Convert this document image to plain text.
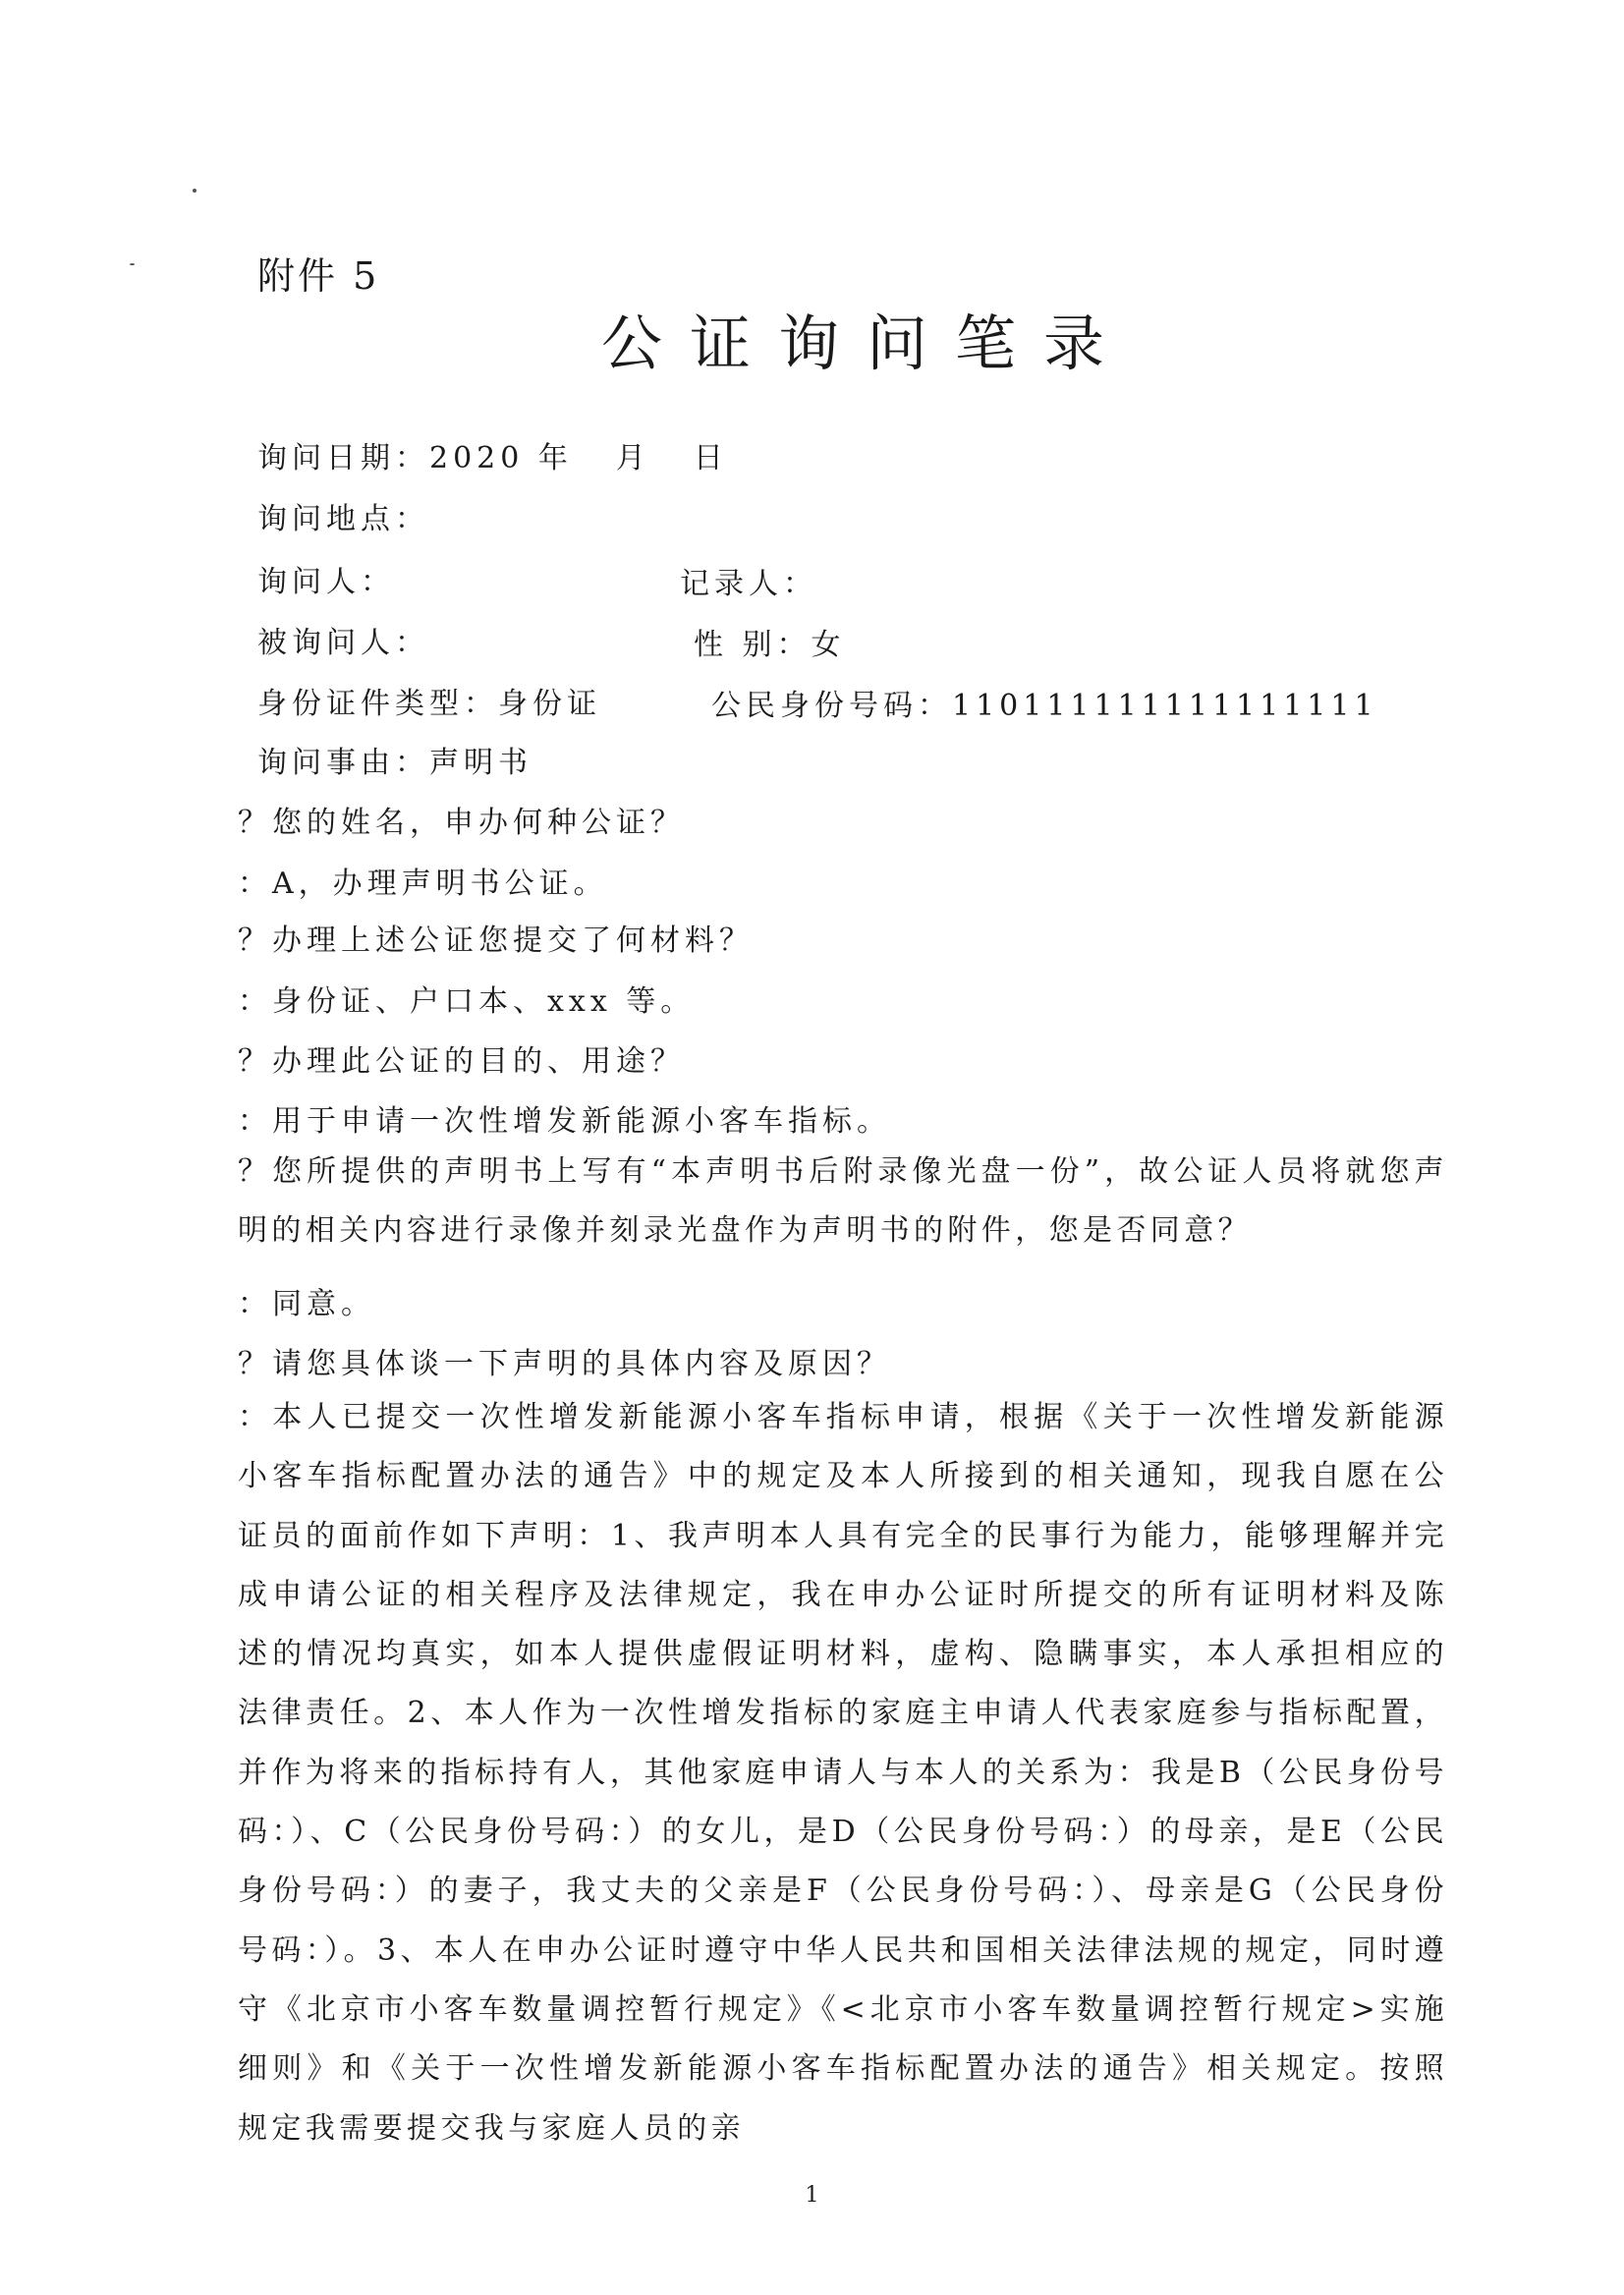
附件 5
公证询问笔录
询问日期：2020 年 月 日
询问地点：
询问人：	记录人：
被询问人：	性 别：女
身份证件类型：身份证	公民身份号码：110111111111111111
询问事由：声明书
？您的姓名，申办何种公证？
：A，办理声明书公证。
？办理上述公证您提交了何材料？
：身份证、户口本、xxx 等。
？办理此公证的目的、用途？
：用于申请一次性增发新能源小客车指标。
？您所提供的声明书上写有“本声明书后附录像光盘一份”，故公证人员将就您声明的相关内容进行录像并刻录光盘作为声明书的附件，您是否同意？
：同意。
？请您具体谈一下声明的具体内容及原因？
：本人已提交一次性增发新能源小客车指标申请，根据《关于一次性增发新能源小客车指标配置办法的通告》中的规定及本人所接到的相关通知，现我自愿在公证员的面前作如下声明：1、我声明本人具有完全的民事行为能力，能够理解并完成申请公证的相关程序及法律规定，我在申办公证时所提交的所有证明材料及陈述的情况均真实，如本人提供虚假证明材料，虚构、隐瞒事实，本人承担相应的法律责任。2、本人作为一次性增发指标的家庭主申请人代表家庭参与指标配置，并作为将来的指标持有人，其他家庭申请人与本人的关系为：我是B（公民身份号码：）、C（公民身份号码：）的女儿，是D（公民身份号码：）的母亲，是E（公民身份号码：）的妻子，我丈夫的父亲是F（公民身份号码：）、母亲是G（公民身份号码：）。3、本人在申办公证时遵守中华人民共和国相关法律法规的规定，同时遵守《北京市小客车数量调控暂行规定》《<北京市小客车数量调控暂行规定>实施细则》和《关于一次性增发新能源小客车指标配置办法的通告》相关规定。按照规定我需要提交我与家庭人员的亲
1
